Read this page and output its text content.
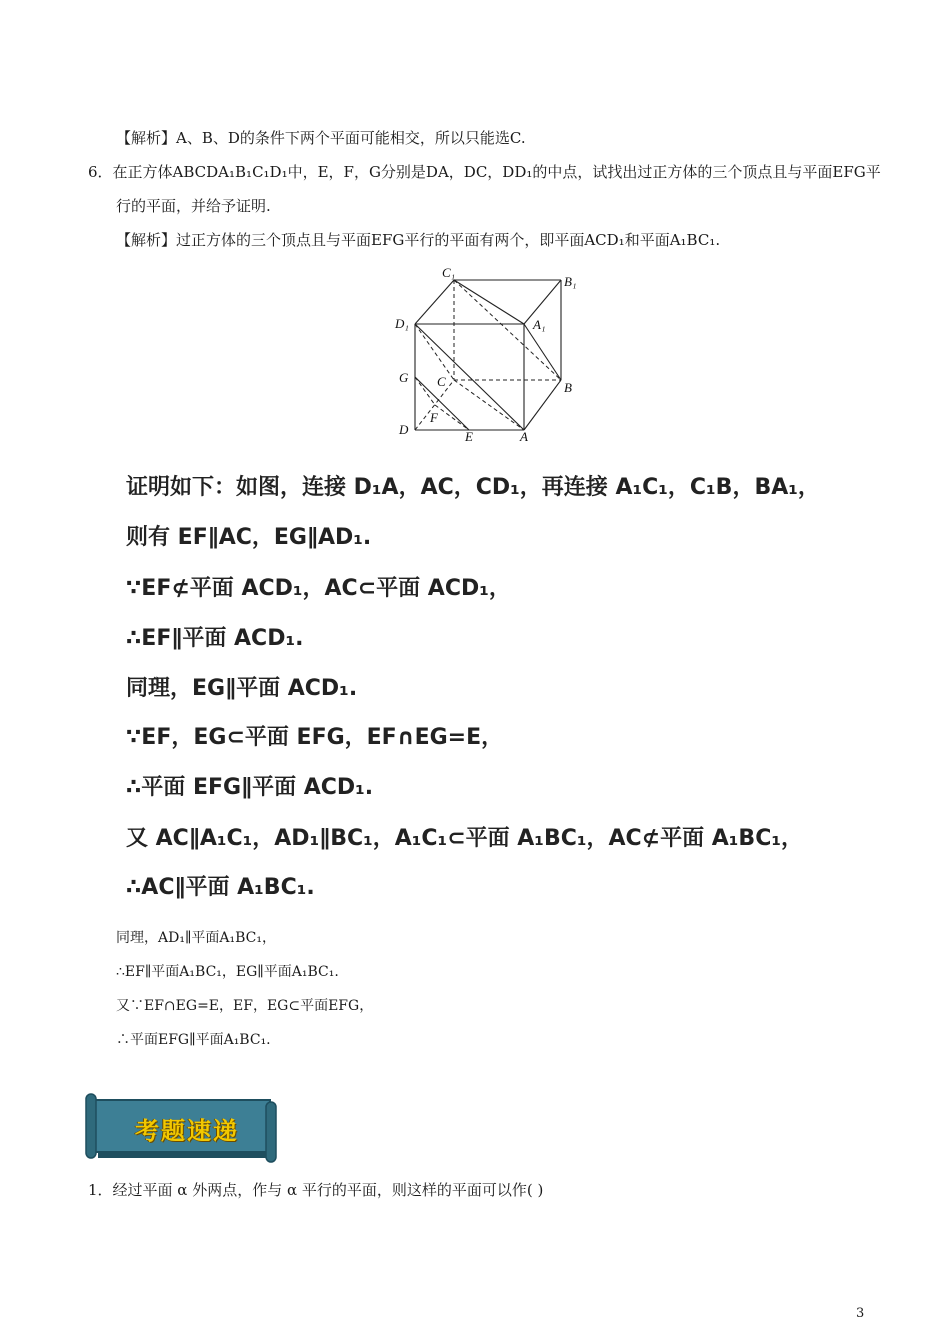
【解析】A、B、D的条件下两个平面可能相交，所以只能选C.
6．在正方体ABCDA₁B₁C₁D₁中，E，F，G分别是DA，DC，DD₁的中点，试找出过正方体的三个顶点且与平面EFG平
行的平面，并给予证明.
【解析】过正方体的三个顶点且与平面EFG平行的平面有两个，即平面ACD₁和平面A₁BC₁.
C₁
B₁
D₁	A₁
G C	B
F
D	E	A
证明如下：如图，连接 D₁A，AC，CD₁，再连接 A₁C₁，C₁B，BA₁，
则有 EF∥AC，EG∥AD₁.
∵EF⊄平面 ACD₁，AC⊂平面 ACD₁，
∴EF∥平面 ACD₁.
同理，EG∥平面 ACD₁.
∵EF，EG⊂平面 EFG，EF∩EG=E，
∴平面 EFG∥平面 ACD₁.
又 AC∥A₁C₁，AD₁∥BC₁，A₁C₁⊂平面 A₁BC₁，AC⊄平面 A₁BC₁，
∴AC∥平面 A₁BC₁.
同理，AD₁∥平面A₁BC₁，
∴EF∥平面A₁BC₁，EG∥平面A₁BC₁.
又∵EF∩EG=E，EF，EG⊂平面EFG，
∴平面EFG∥平面A₁BC₁.
考题速递
1．经过平面 α 外两点，作与 α 平行的平面，则这样的平面可以作( )
3
